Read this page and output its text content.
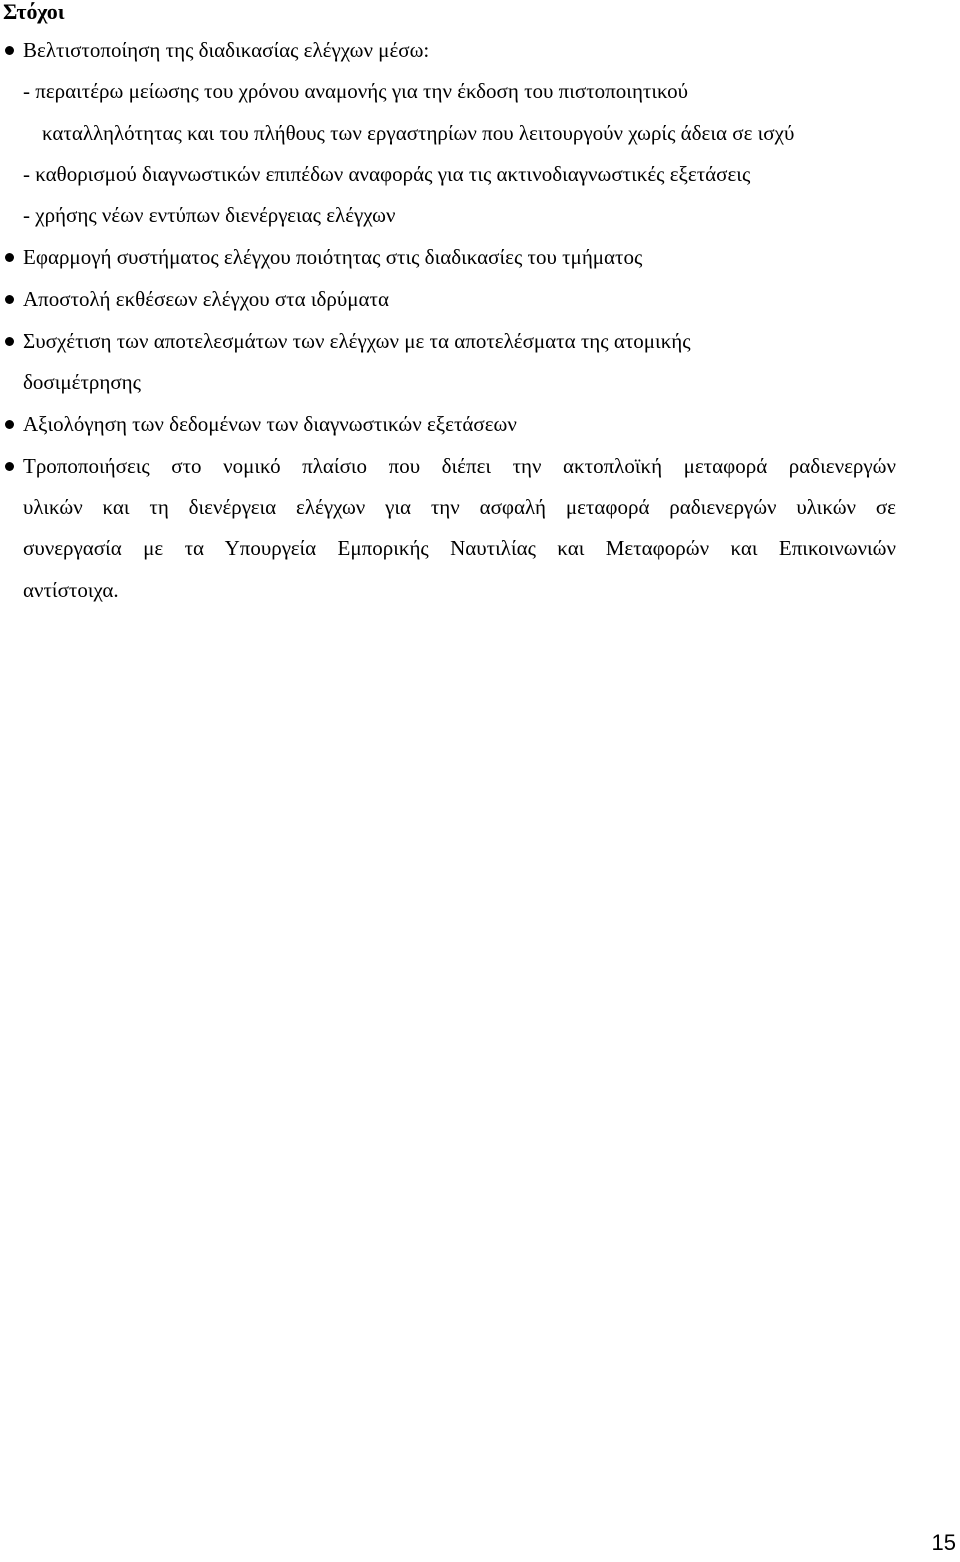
Στόχοι

Βελτιστοποίηση της διαδικασίας ελέγχων μέσω:

- περαιτέρω μείωσης του χρόνου αναμονής για την έκδοση του πιστοποιητικού

καταλληλότητας και του πλήθους των εργαστηρίων που λειτουργούν χωρίς άδεια σε ισχύ

- καθορισμού διαγνωστικών επιπέδων αναφοράς για τις ακτινοδιαγνωστικές εξετάσεις

- χρήσης νέων εντύπων διενέργειας ελέγχων

Εφαρμογή συστήματος ελέγχου ποιότητας στις διαδικασίες του τμήματος

Αποστολή εκθέσεων ελέγχου στα ιδρύματα

Συσχέτιση των αποτελεσμάτων των ελέγχων με τα αποτελέσματα της ατομικής

δοσιμέτρησης

Αξιολόγηση των δεδομένων των διαγνωστικών εξετάσεων

Τροποποιήσεις στο νομικό πλαίσιο που διέπει την ακτοπλοϊκή μεταφορά ραδιενεργών

υλικών και τη διενέργεια ελέγχων για την ασφαλή μεταφορά ραδιενεργών υλικών σε

συνεργασία με τα Υπουργεία Εμπορικής Ναυτιλίας και Μεταφορών και Επικοινωνιών

αντίστοιχα.

15
